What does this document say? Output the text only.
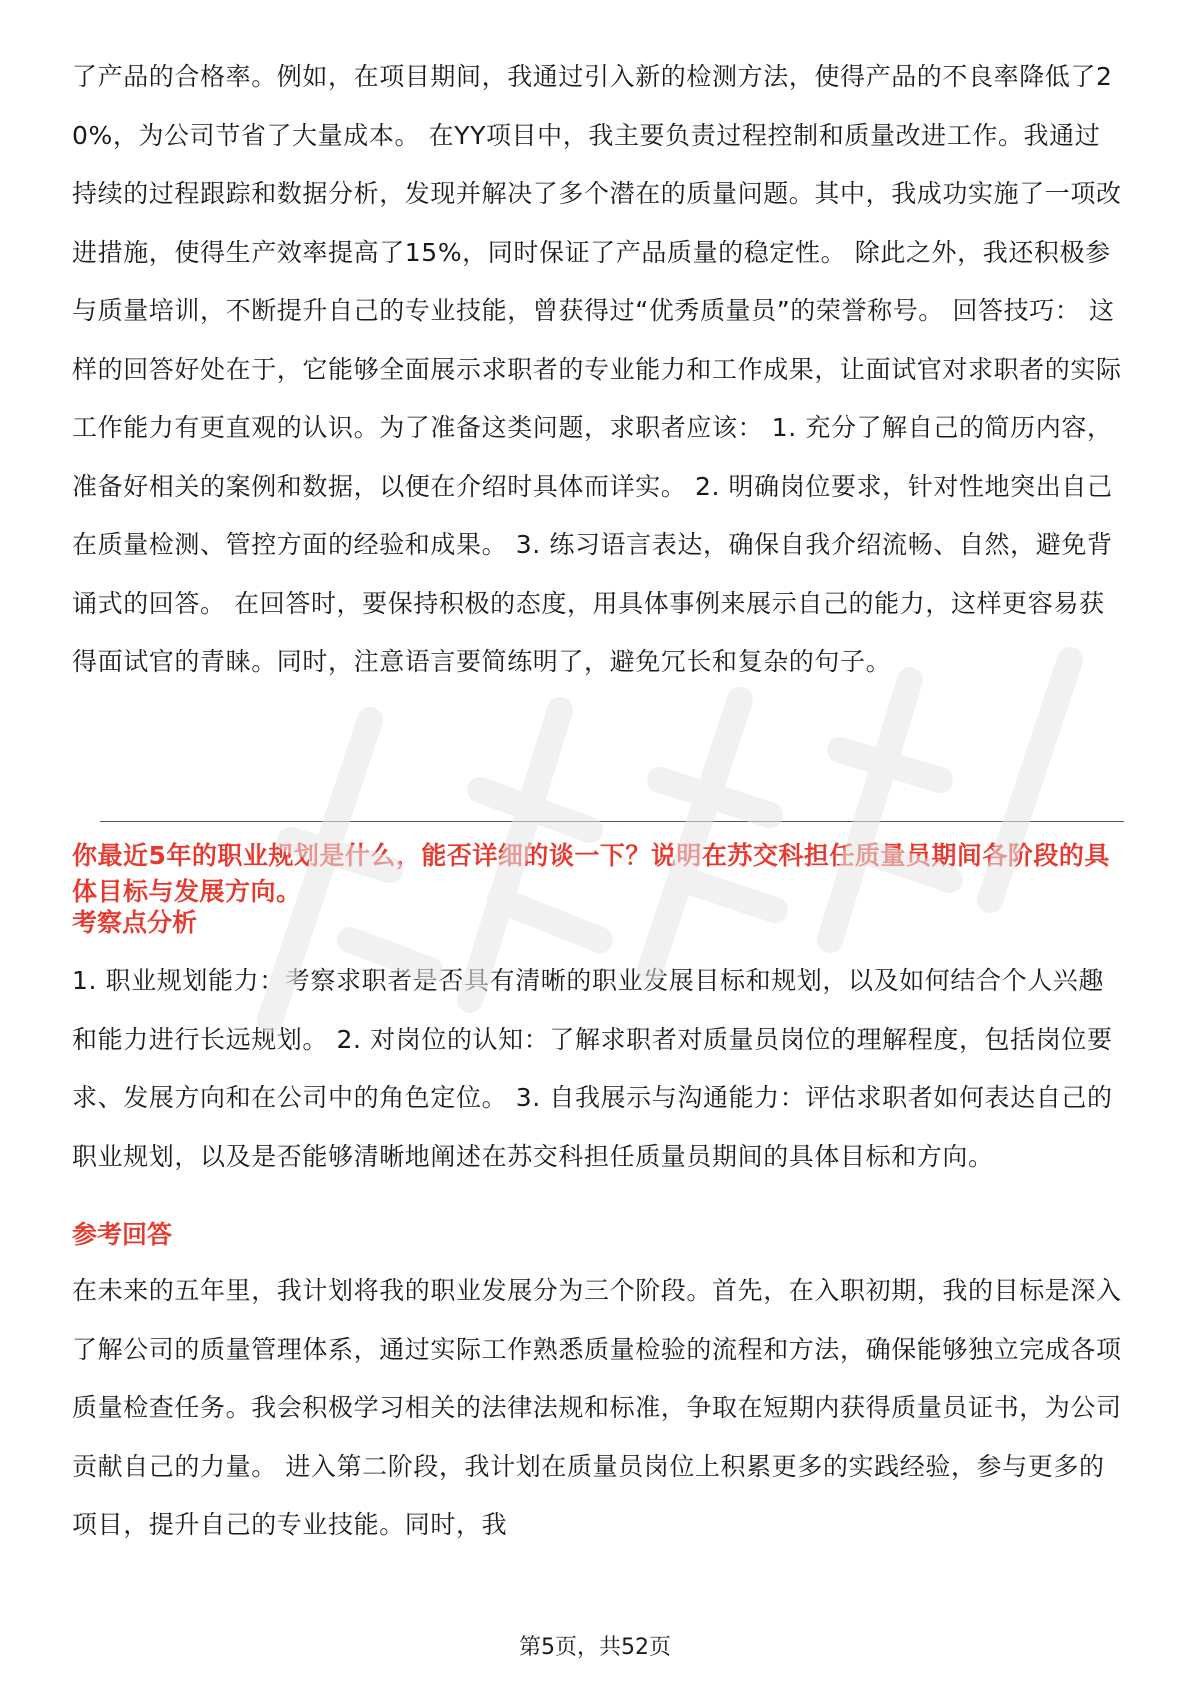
了产品的合格率。例如，在项目期间，我通过引入新的检测方法，使得产品的不良率降低了20%，为公司节省了大量成本。 在YY项目中，我主要负责过程控制和质量改进工作。我通过持续的过程跟踪和数据分析，发现并解决了多个潜在的质量问题。其中，我成功实施了一项改进措施，使得生产效率提高了15%，同时保证了产品质量的稳定性。 除此之外，我还积极参与质量培训，不断提升自己的专业技能，曾获得过“优秀质量员”的荣誉称号。 回答技巧： 这样的回答好处在于，它能够全面展示求职者的专业能力和工作成果，让面试官对求职者的实际工作能力有更直观的认识。为了准备这类问题，求职者应该： 1. 充分了解自己的简历内容，准备好相关的案例和数据，以便在介绍时具体而详实。 2. 明确岗位要求，针对性地突出自己在质量检测、管控方面的经验和成果。 3. 练习语言表达，确保自我介绍流畅、自然，避免背诵式的回答。 在回答时，要保持积极的态度，用具体事例来展示自己的能力，这样更容易获得面试官的青睐。同时，注意语言要简练明了，避免冗长和复杂的句子。

你最近5年的职业规划是什么，能否详细的谈一下？说明在苏交科担任质量员期间各阶段的具体目标与发展方向。

考察点分析

1. 职业规划能力：考察求职者是否具有清晰的职业发展目标和规划，以及如何结合个人兴趣和能力进行长远规划。 2. 对岗位的认知：了解求职者对质量员岗位的理解程度，包括岗位要求、发展方向和在公司中的角色定位。 3. 自我展示与沟通能力：评估求职者如何表达自己的职业规划，以及是否能够清晰地阐述在苏交科担任质量员期间的具体目标和方向。

参考回答

在未来的五年里，我计划将我的职业发展分为三个阶段。首先，在入职初期，我的目标是深入了解公司的质量管理体系，通过实际工作熟悉质量检验的流程和方法，确保能够独立完成各项质量检查任务。我会积极学习相关的法律法规和标准，争取在短期内获得质量员证书，为公司贡献自己的力量。 进入第二阶段，我计划在质量员岗位上积累更多的实践经验，参与更多的项目，提升自己的专业技能。同时，我

第5页，共52页
